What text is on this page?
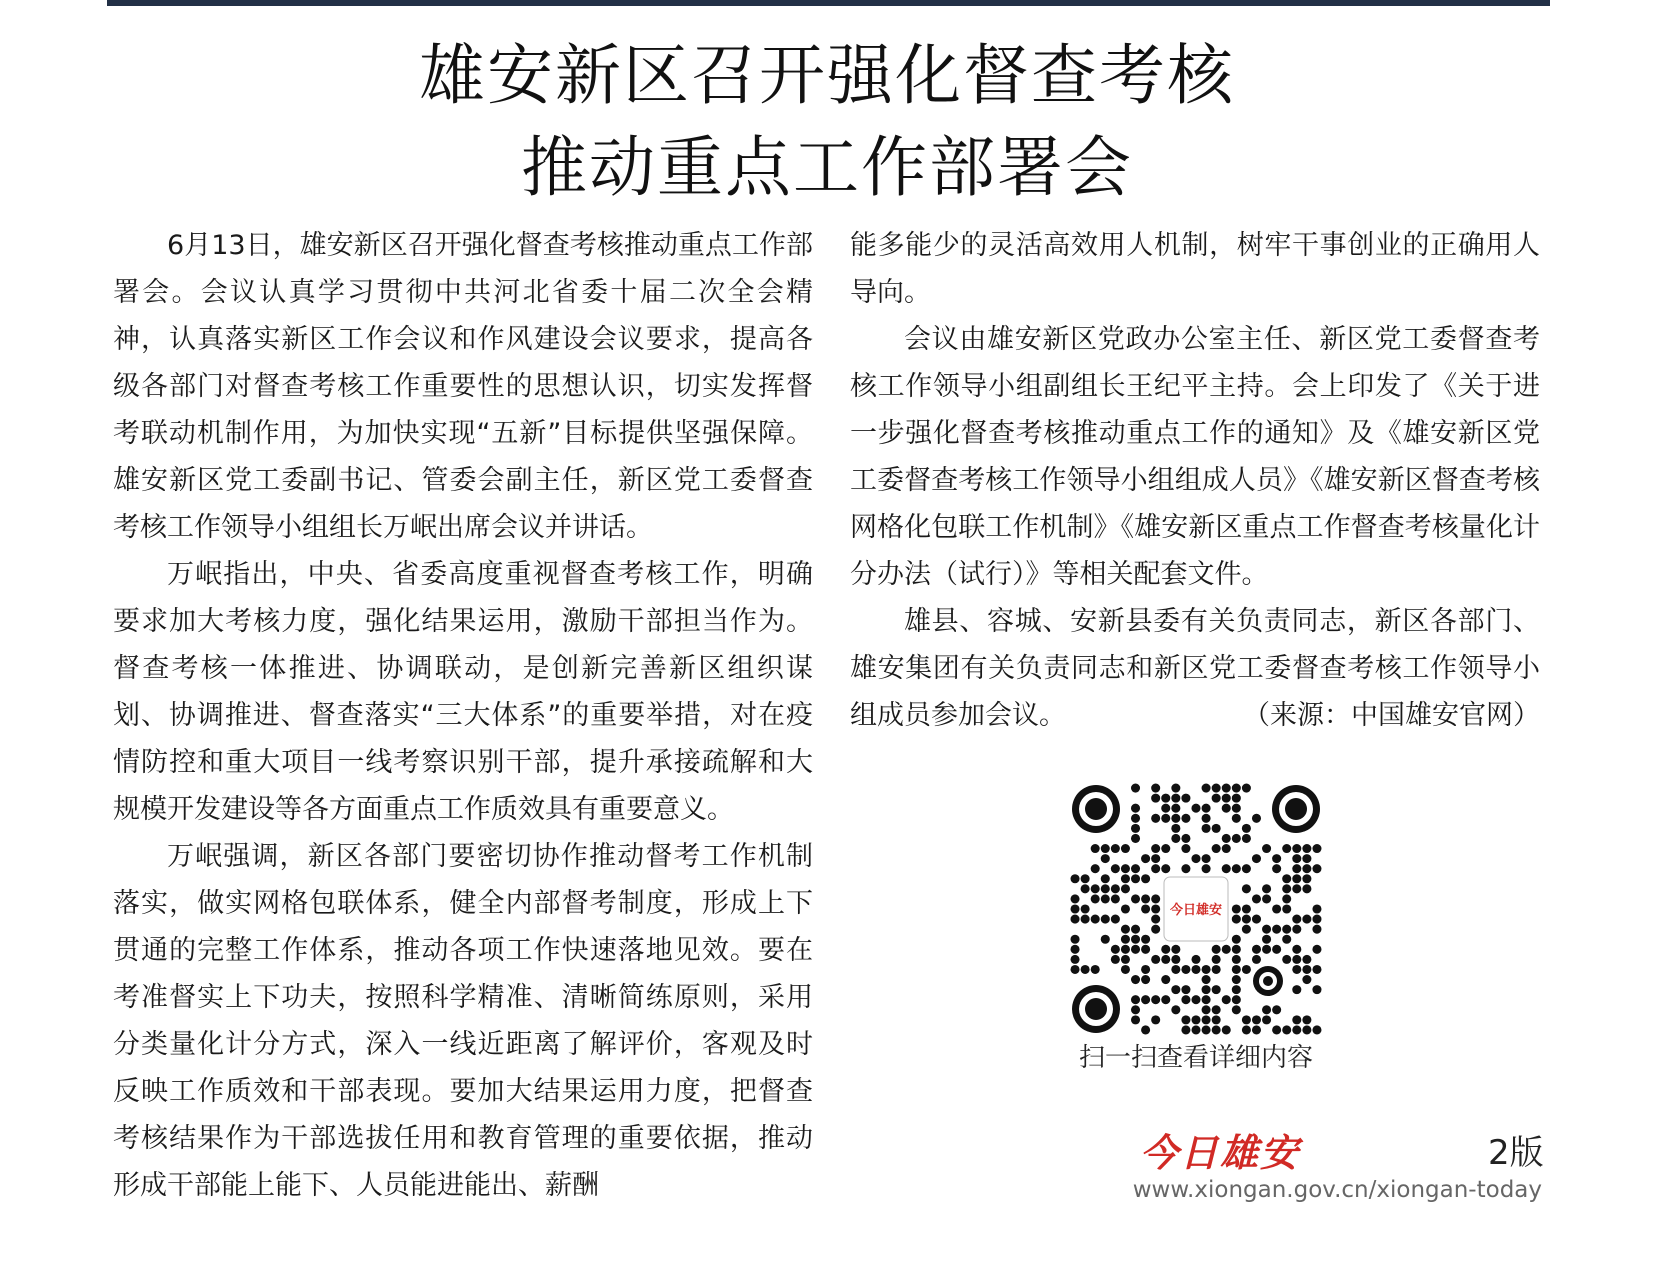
雄安新区召开强化督查考核
推动重点工作部署会

6月13日，雄安新区召开强化督查考核推动重点工作部署会。会议认真学习贯彻中共河北省委十届二次全会精神，认真落实新区工作会议和作风建设会议要求，提高各级各部门对督查考核工作重要性的思想认识，切实发挥督考联动机制作用，为加快实现“五新”目标提供坚强保障。雄安新区党工委副书记、管委会副主任，新区党工委督查考核工作领导小组组长万岷出席会议并讲话。

万岷指出，中央、省委高度重视督查考核工作，明确要求加大考核力度，强化结果运用，激励干部担当作为。督查考核一体推进、协调联动，是创新完善新区组织谋划、协调推进、督查落实“三大体系”的重要举措，对在疫情防控和重大项目一线考察识别干部，提升承接疏解和大规模开发建设等各方面重点工作质效具有重要意义。

万岷强调，新区各部门要密切协作推动督考工作机制落实，做实网格包联体系，健全内部督考制度，形成上下贯通的完整工作体系，推动各项工作快速落地见效。要在考准督实上下功夫，按照科学精准、清晰简练原则，采用分类量化计分方式，深入一线近距离了解评价，客观及时反映工作质效和干部表现。要加大结果运用力度，把督查考核结果作为干部选拔任用和教育管理的重要依据，推动形成干部能上能下、人员能进能出、薪酬

能多能少的灵活高效用人机制，树牢干事创业的正确用人导向。

会议由雄安新区党政办公室主任、新区党工委督查考核工作领导小组副组长王纪平主持。会上印发了《关于进一步强化督查考核推动重点工作的通知》及《雄安新区党工委督查考核工作领导小组组成人员》《雄安新区督查考核网格化包联工作机制》《雄安新区重点工作督查考核量化计分办法（试行）》等相关配套文件。

雄县、容城、安新县委有关负责同志，新区各部门、雄安集团有关负责同志和新区党工委督查考核工作领导小组成员参加会议。	（来源：中国雄安官网）

今日雄安
扫一扫查看详细内容
今日雄安	2版
www.xiongan.gov.cn/xiongan-today
